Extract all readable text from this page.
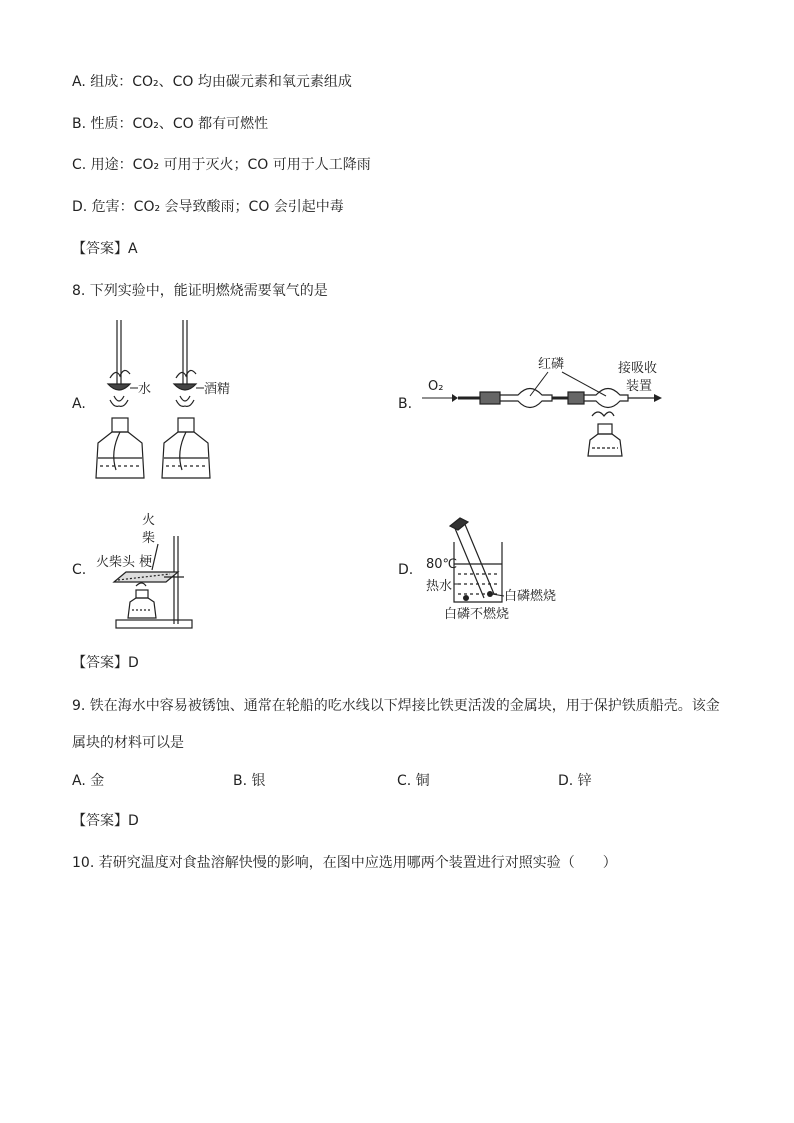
A. 组成：CO₂、CO 均由碳元素和氧元素组成
B. 性质：CO₂、CO 都有可燃性
C. 用途：CO₂ 可用于灭火；CO 可用于人工降雨
D. 危害：CO₂ 会导致酸雨；CO 会引起中毒
【答案】A
8. 下列实验中，能证明燃烧需要氧气的是
A.
水	酒精
B.
O₂
红磷	接吸收
装置
C.
火
柴
火柴头 梗	D. 80℃
热水
白磷燃烧
白磷不燃烧
【答案】D
9. 铁在海水中容易被锈蚀、通常在轮船的吃水线以下焊接比铁更活泼的金属块，用于保护铁质船壳。该金
属块的材料可以是
A. 金	B. 银	C. 铜	D. 锌
【答案】D
10. 若研究温度对食盐溶解快慢的影响，在图中应选用哪两个装置进行对照实验（　　）
